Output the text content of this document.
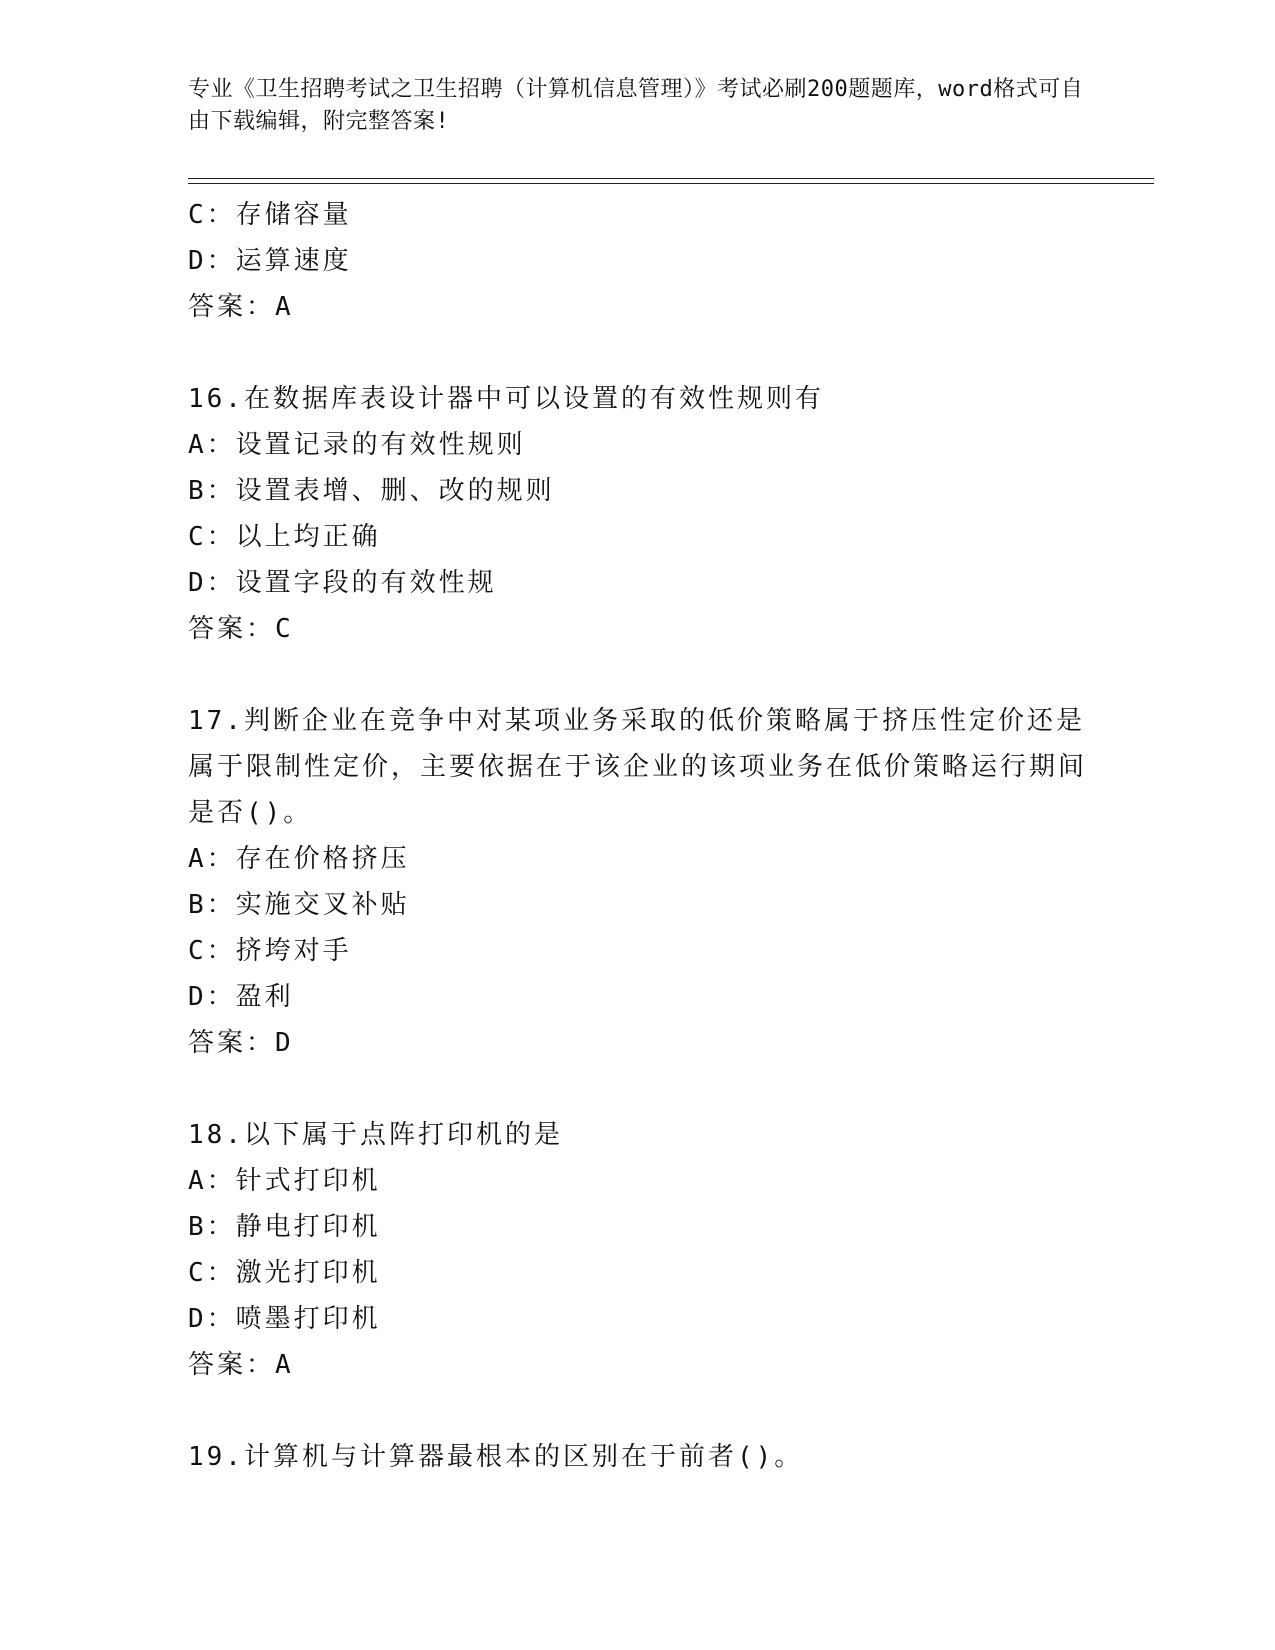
专业《卫生招聘考试之卫生招聘（计算机信息管理）》考试必刷200题题库，word格式可自由下载编辑，附完整答案!
C：存储容量
D：运算速度
答案：A
16.在数据库表设计器中可以设置的有效性规则有
A：设置记录的有效性规则
B：设置表增、删、改的规则
C：以上均正确
D：设置字段的有效性规
答案：C
17.判断企业在竞争中对某项业务采取的低价策略属于挤压性定价还是属于限制性定价，主要依据在于该企业的该项业务在低价策略运行期间是否()。
A：存在价格挤压
B：实施交叉补贴
C：挤垮对手
D：盈利
答案：D
18.以下属于点阵打印机的是
A：针式打印机
B：静电打印机
C：激光打印机
D：喷墨打印机
答案：A
19.计算机与计算器最根本的区别在于前者()。
